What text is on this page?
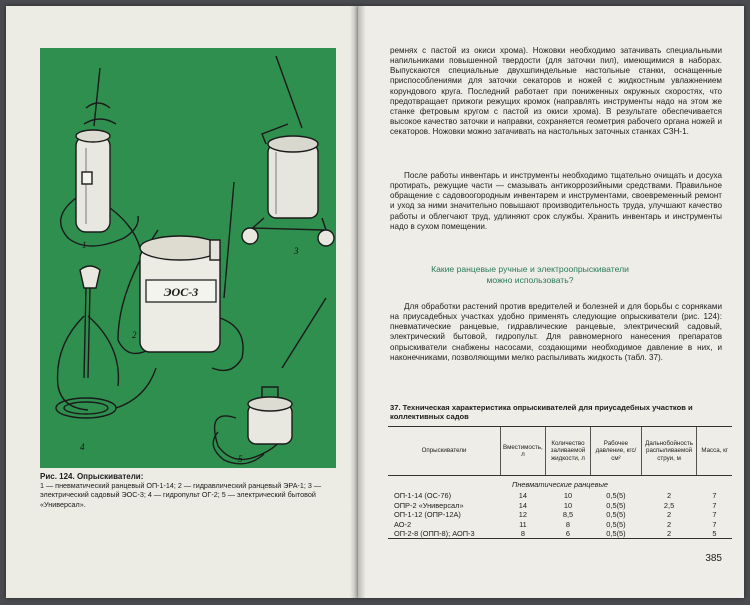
1
3
ЭОС-3
2
4
5
Рис. 124. Опрыскиватели:
1 — пневматический ранцевый ОП-1-14; 2 — гидравлический ранцевый ЭРА-1; 3 — электрический садовый ЭОС-3; 4 — гидропульт ОГ-2; 5 — электрический бытовой «Универсал».
ремнях с пастой из окиси хрома). Ножовки необходимо затачивать специальными напильниками повышенной твердости (для заточки пил), имеющимися в наборах. Выпускаются специальные двухшпиндельные настольные станки, оснащенные приспособлениями для заточки секаторов и ножей с жидкостным увлажнением корундового круга. Последний работает при пониженных окружных скоростях, что предотвращает прижоги режущих кромок (направлять инструменты надо на этом же станке фетровым кругом с пастой из окиси хрома). В результате обеспечивается высокое качество заточки и направки, сохраняется геометрия рабочего органа ножей и секаторов. Ножовки можно затачивать на настольных заточных станках СЗН-1.
После работы инвентарь и инструменты необходимо тщательно очищать и досуха протирать, режущие части — смазывать антикоррозийными средствами. Правильное обращение с садовоогородным инвентарем и инструментами, своевременный ремонт и уход за ними значительно повышают производительность труда, улучшают качество работы и облегчают труд, удлиняют срок службы. Хранить инвентарь и инструменты надо в сухом помещении.
Какие ранцевые ручные и электроопрыскиватели можно использовать?
Для обработки растений против вредителей и болезней и для борьбы с сорняками на приусадебных участках удобно применять следующие опрыскиватели (рис. 124): пневматические ранцевые, гидравлические ранцевые, электрический садовый, электрический бытовой, гидропульт. Для равномерного нанесения препаратов опрыскиватели снабжены насосами, создающими необходимое давление в них, и наконечниками, позволяющими мелко распыливать жидкость (табл. 37).
37. Техническая характеристика опрыскивателей для приусадебных участков и коллективных садов
Опрыскиватели	Вместимость, л	Количество заливаемой жидкости, л	Рабочее давление, кгс/см²	Дальнобойность распыливаемой струи, м	Масса, кг
Пневматические ранцевые					
ОП-1-14 (ОС-76)	14	10	0,5(5)	2	7
ОПР-2 «Универсал»	14	10	0,5(5)	2,5	7
ОП-1-12 (ОПР-12А)	12	8,5	0,5(5)	2	7
АО-2	11	8	0,5(5)	2	7
ОП-2-8 (ОПП-8); АОП-3	8	6	0,5(5)	2	5
385
